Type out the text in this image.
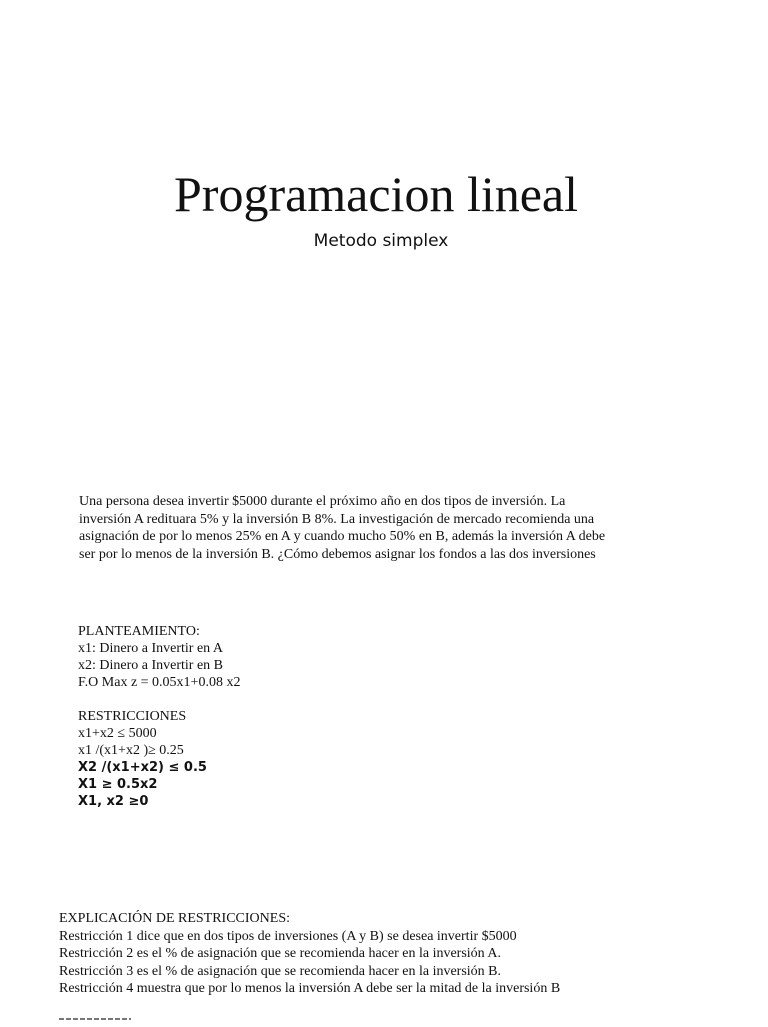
Programacion lineal
Metodo simplex

Una persona desea invertir $5000 durante el próximo año en dos tipos de inversión. La

inversión A redituara 5% y la inversión B 8%. La investigación de mercado recomienda una

asignación de por lo menos 25% en A y cuando mucho 50% en B, además la inversión A debe

ser por lo menos de la inversión B. ¿Cómo debemos asignar los fondos a las dos inversiones

PLANTEAMIENTO:
x1: Dinero a Invertir en A
x2: Dinero a Invertir en B
F.O Max z = 0.05x1+0.08 x2
RESTRICCIONES
x1+x2 ≤ 5000
x1 /(x1+x2 )≥ 0.25
X2 /(x1+x2) ≤ 0.5
X1 ≥ 0.5x2
X1, x2 ≥0
EXPLICACIÓN DE RESTRICCIONES:
Restricción 1 dice que en dos tipos de inversiones (A y B) se desea invertir $5000
Restricción 2 es el % de asignación que se recomienda hacer en la inversión A.
Restricción 3 es el % de asignación que se recomienda hacer en la inversión B.
Restricción 4 muestra que por lo menos la inversión A debe ser la mitad de la inversión B
